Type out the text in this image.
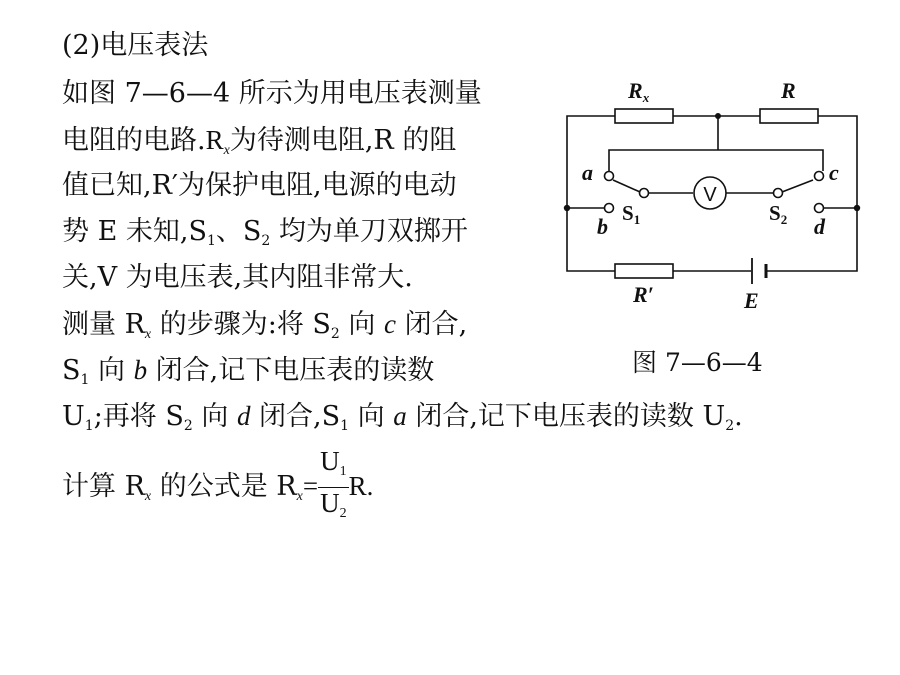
(2)电压表法
如图 7—6—4 所示为用电压表测量
电阻的电路$.R_x$为待测电阻,R 的阻
值已知,R′为保护电阻,电源的电动
势 E 未知$,S_1$、$S_2$ 均为单刀双掷开
关,V 为电压表,其内阻非常大.
测量 $R_x$ 的步骤为:将 $S_2$ 向 c 闭合,
$S_1$ 向 b 闭合,记下电压表的读数
$U_1$;再将 $S_2$ 向 d 闭合$,S_1$ 向 a 闭合,记下电压表的读数 $U_2$.
计算 $R_x$ 的公式是 $R_x= \frac{U_1}{U_2} R$.
Rx	R
a
b
c
d
R′	E
S1	S2
V
图 7—6—4
